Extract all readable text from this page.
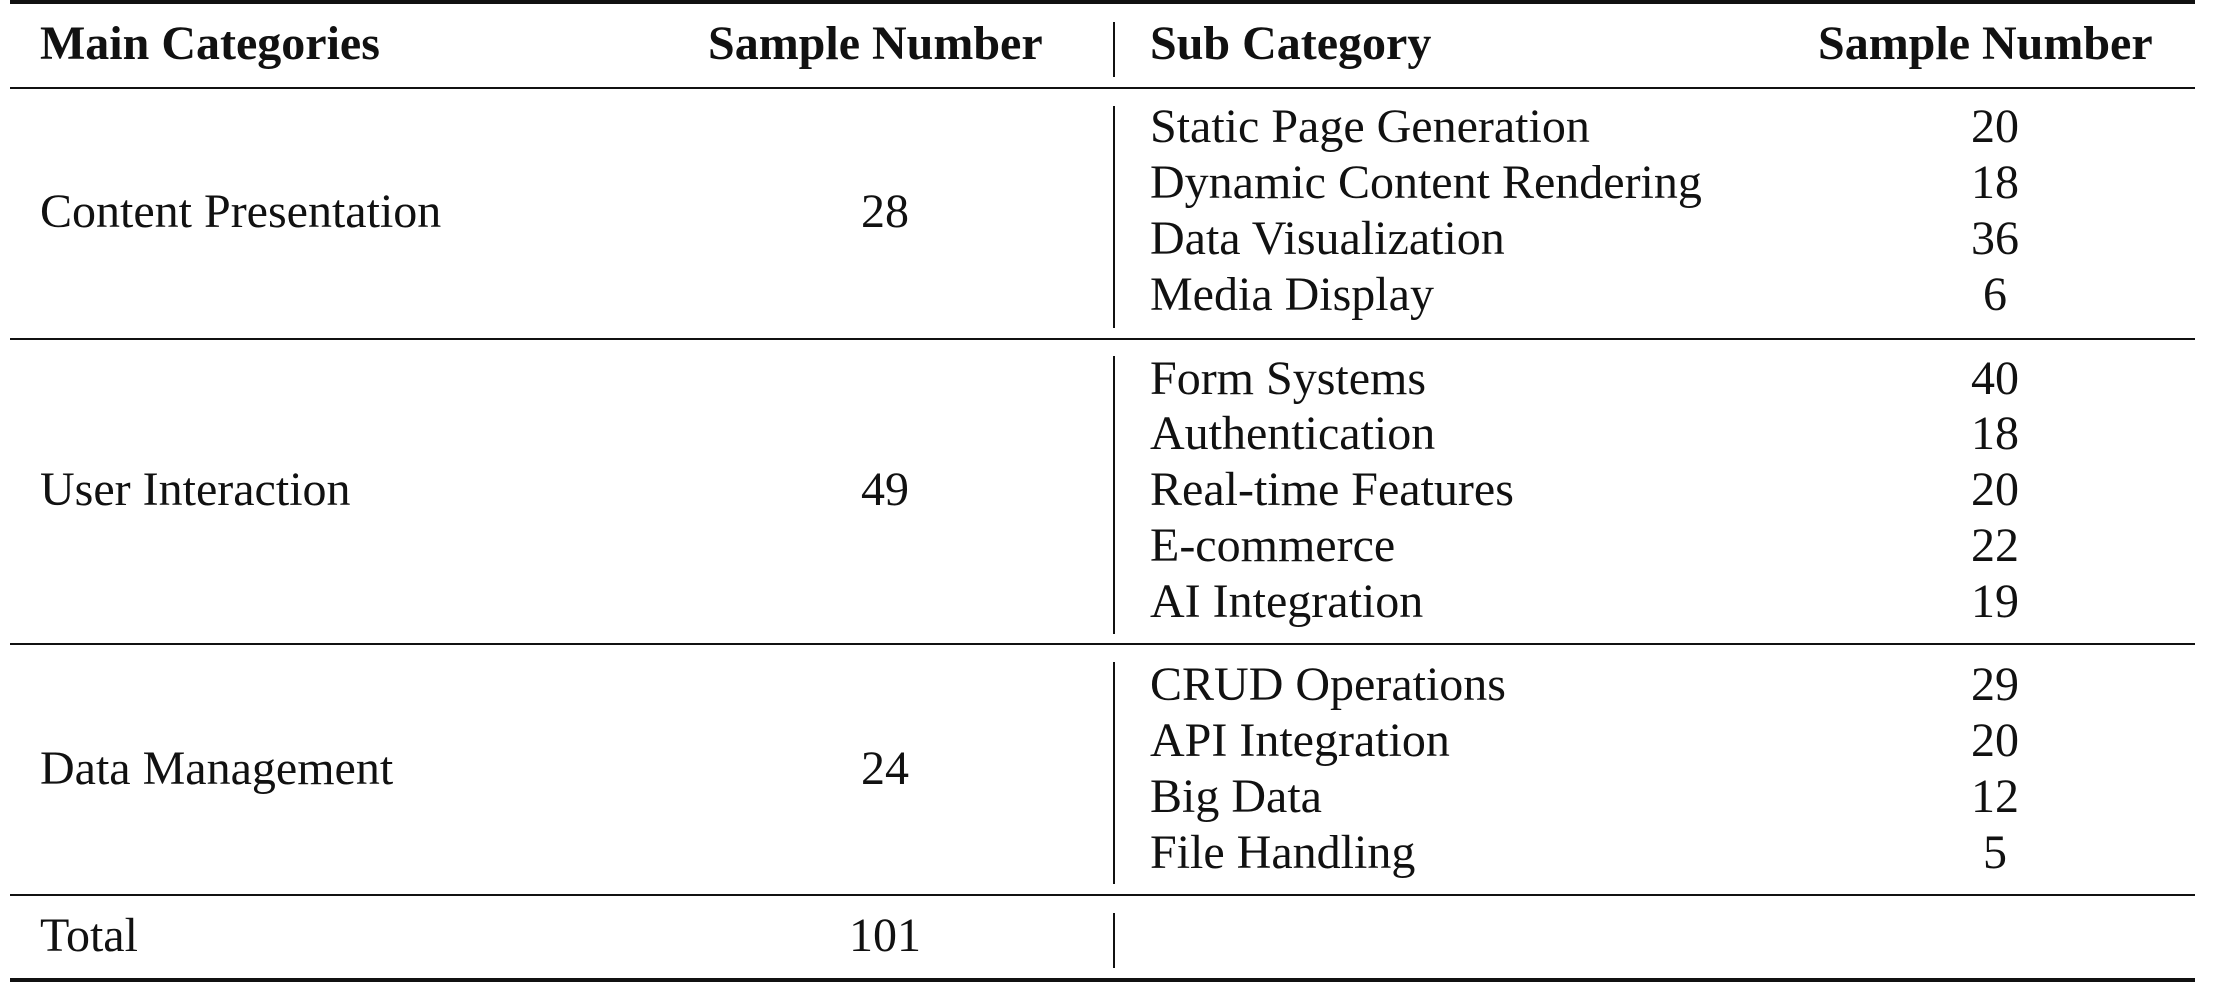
Main Categories	Sample Number Sub Category	Sample Number
Content Presentation	28
Static Page Generation	20
Dynamic Content Rendering	18
Data Visualization	36
Media Display	6
User Interaction	49
Form Systems	40
Authentication	18
Real-time Features	20
E-commerce	22
AI Integration	19
Data Management	24
CRUD Operations	29
API Integration	20
Big Data	12
File Handling	5
Total	101
